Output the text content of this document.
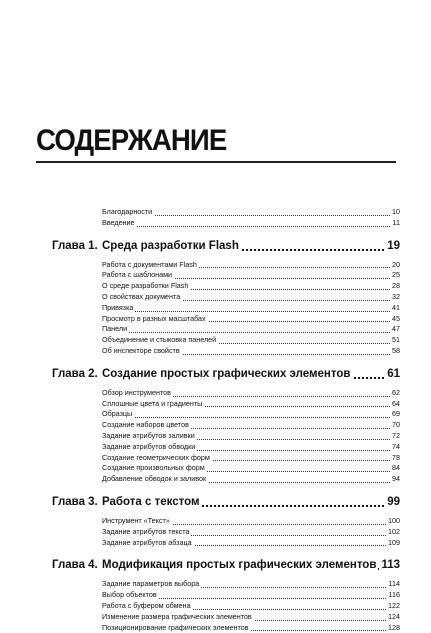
СОДЕРЖАНИЕ
Благодарности	10
Введение	11
Глава 1. Среда разработки Flash	19
Работа с документами Flash	20
Работа с шаблонами	25
О среде разработки Flash	28
О свойствах документа	32
Привязка	41
Просмотр в разных масштабах	45
Панели	47
Объединение и стыковка панелей	51
Об инспекторе свойств	58
Глава 2. Создание простых графических элементов	61
Обзор инструментов	62
Сплошные цвета и градиенты	64
Образцы	69
Создание наборов цветов	70
Задание атрибутов заливки	72
Задание атрибутов обводки	74
Создание геометрических форм	78
Создание произвольных форм	84
Добавление обводок и заливок	94
Глава 3. Работа с текстом	99
Инструмент «Текст»	100
Задание атрибутов текста	102
Задание атрибутов абзаца	109
Глава 4. Модификация простых графических элементов 113
Задание параметров выбора	114
Выбор объектов	116
Работа с буфером обмена	122
Изменение размера графических элементов	124
Позиционирование графических элементов	128
